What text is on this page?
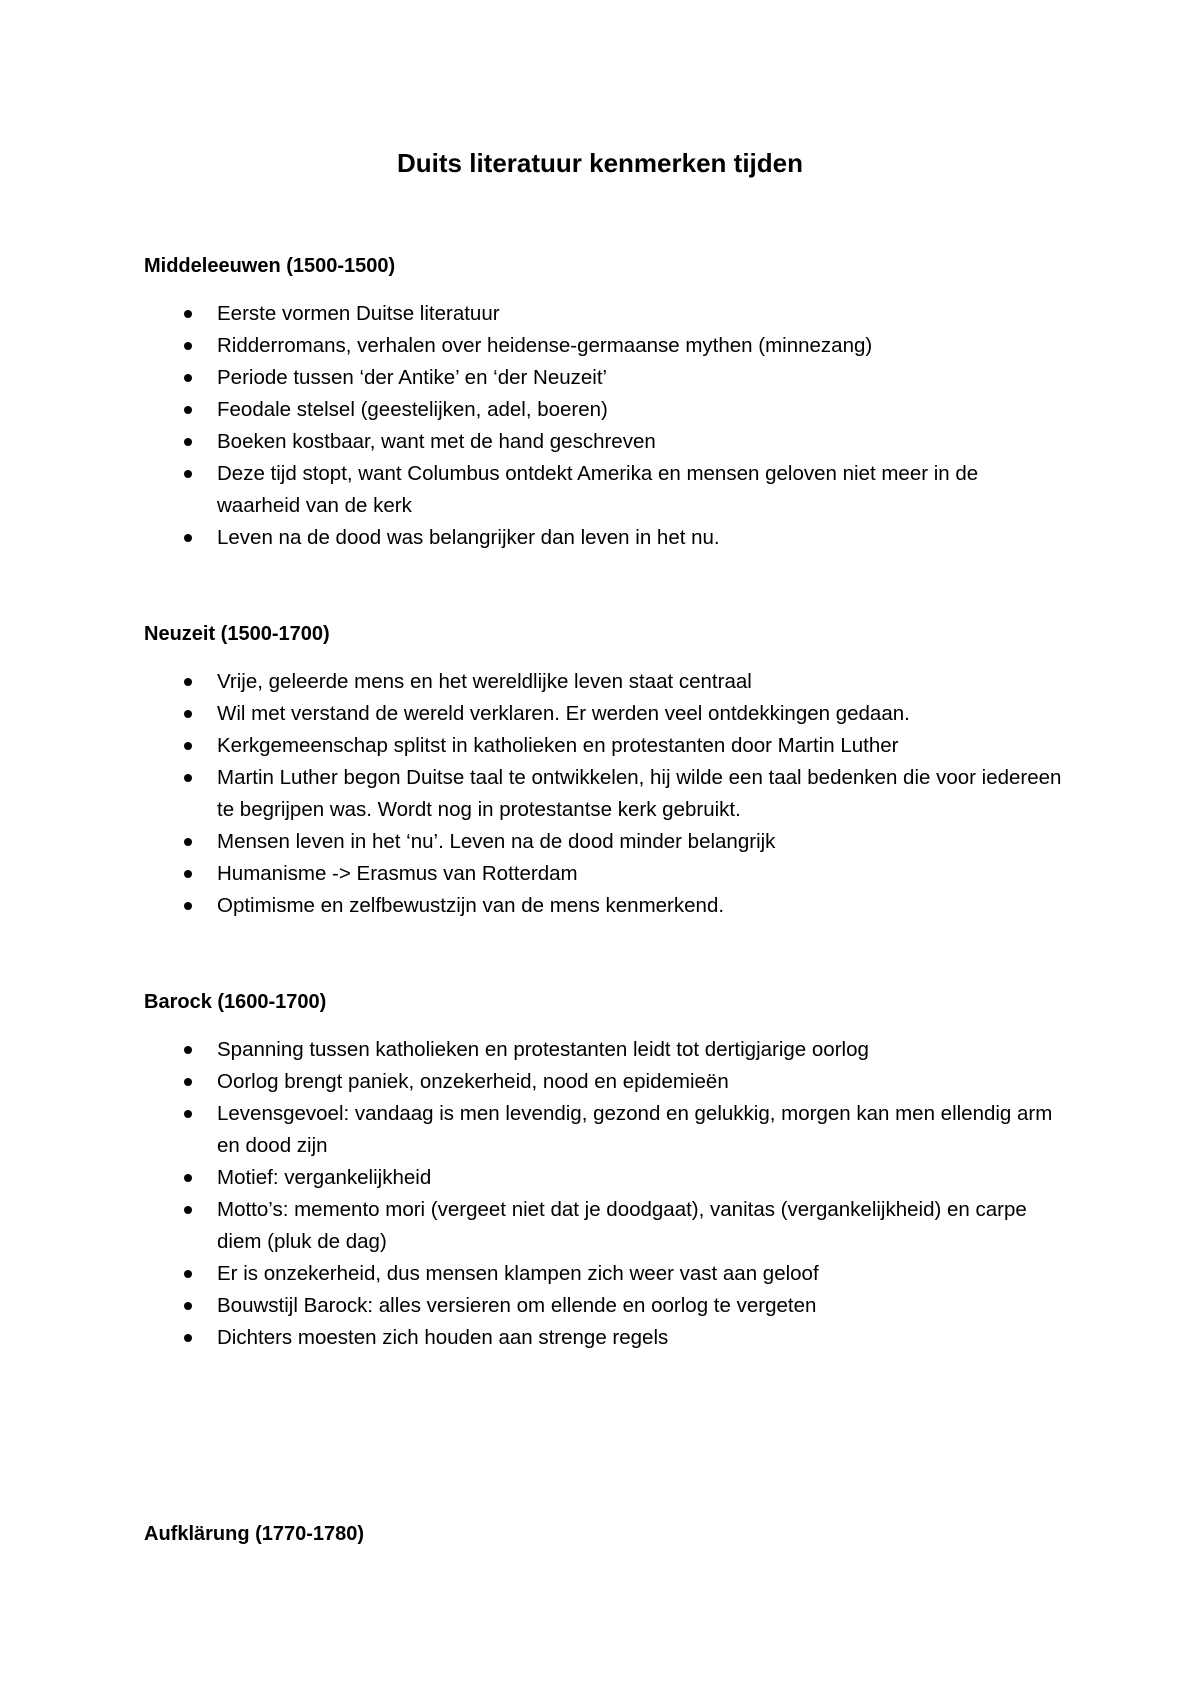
Duits literatuur kenmerken tijden
Middeleeuwen (1500-1500)
Eerste vormen Duitse literatuur
Ridderromans, verhalen over heidense-germaanse mythen (minnezang)
Periode tussen ‘der Antike’ en ‘der Neuzeit’
Feodale stelsel (geestelijken, adel, boeren)
Boeken kostbaar, want met de hand geschreven
Deze tijd stopt, want Columbus ontdekt Amerika en mensen geloven niet meer in de waarheid van de kerk
Leven na de dood was belangrijker dan leven in het nu.
Neuzeit (1500-1700)
Vrije, geleerde mens en het wereldlijke leven staat centraal
Wil met verstand de wereld verklaren. Er werden veel ontdekkingen gedaan.
Kerkgemeenschap splitst in katholieken en protestanten door Martin Luther
Martin Luther begon Duitse taal te ontwikkelen, hij wilde een taal bedenken die voor iedereen te begrijpen was. Wordt nog in protestantse kerk gebruikt.
Mensen leven in het ‘nu’. Leven na de dood minder belangrijk
Humanisme -> Erasmus van Rotterdam
Optimisme en zelfbewustzijn van de mens kenmerkend.
Barock (1600-1700)
Spanning tussen katholieken en protestanten leidt tot dertigjarige oorlog
Oorlog brengt paniek, onzekerheid, nood en epidemieën
Levensgevoel: vandaag is men levendig, gezond en gelukkig, morgen kan men ellendig arm en dood zijn
Motief: vergankelijkheid
Motto’s: memento mori (vergeet niet dat je doodgaat), vanitas (vergankelijkheid) en carpe diem (pluk de dag)
Er is onzekerheid, dus mensen klampen zich weer vast aan geloof
Bouwstijl Barock: alles versieren om ellende en oorlog te vergeten
Dichters moesten zich houden aan strenge regels
Aufklärung (1770-1780)
